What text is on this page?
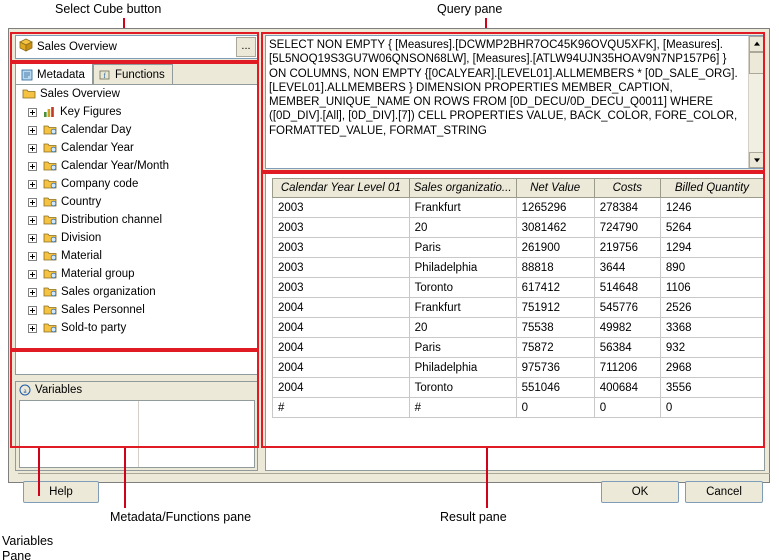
Select Cube button	Query pane
Sales Overview	...
Metadata	f Functions
Sales Overview
Key Figures
Calendar Day
Calendar Year
Calendar Year/Month
Company code
Country
Distribution channel
Division
Material
Material group
Sales organization
Sales Personnel
Sold-to party
a Variables
SELECT NON EMPTY { [Measures].[DCWMP2BHR7OC45K96OVQU5XFK], [Measures].[5L5NOQ19S3GU7W06QNSON68LW], [Measures].[ATLW94UJN35HOAV9N7NP157P6] } ON COLUMNS, NON EMPTY {[0CALYEAR].[LEVEL01].ALLMEMBERS * [0D_SALE_ORG].[LEVEL01].ALLMEMBERS } DIMENSION PROPERTIES MEMBER_CAPTION, MEMBER_UNIQUE_NAME ON ROWS FROM [0D_DECU/0D_DECU_Q0011] WHERE ([0D_DIV].[All], [0D_DIV].[7]) CELL PROPERTIES VALUE, BACK_COLOR, FORE_COLOR, FORMATTED_VALUE, FORMAT_STRING
Calendar Year Level 01	Sales organizatio...	Net Value	Costs	Billed Quantity
2003	Frankfurt	1265296	278384	1246
2003	20	3081462	724790	5264
2003	Paris	261900	219756	1294
2003	Philadelphia	88818	3644	890
2003	Toronto	617412	514648	1106
2004	Frankfurt	751912	545776	2526
2004	20	75538	49982	3368
2004	Paris	75872	56384	932
2004	Philadelphia	975736	711206	2968
2004	Toronto	551046	400684	3556
#	#	0	0	0
Help	OK	Cancel
Variables
Pane
Metadata/Functions pane	Result pane
